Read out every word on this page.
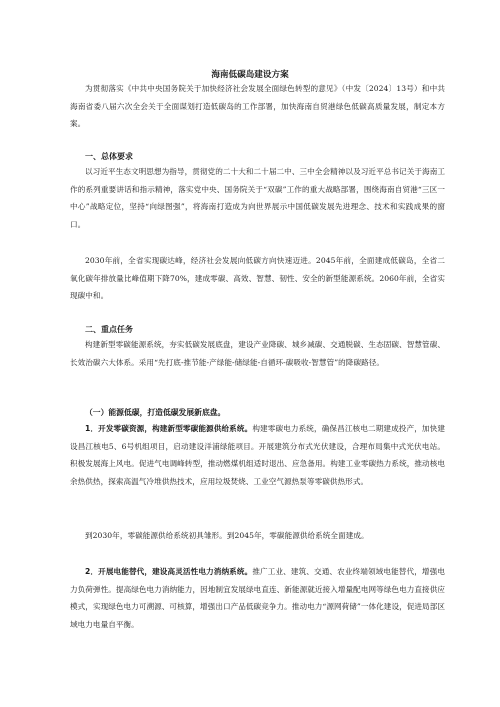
海南低碳岛建设方案

为贯彻落实《中共中央国务院关于加快经济社会发展全面绿色转型的意见》（中发〔2024〕13号）和中共海南省委八届六次全会关于全面谋划打造低碳岛的工作部署，加快海南自贸港绿色低碳高质量发展，制定本方案。

一、总体要求

以习近平生态文明思想为指导，贯彻党的二十大和二十届二中、三中全会精神以及习近平总书记关于海南工作的系列重要讲话和指示精神，落实党中央、国务院关于“双碳”工作的重大战略部署，围绕海南自贸港“三区一中心”战略定位，坚持“向绿图强”，将海南打造成为向世界展示中国低碳发展先进理念、技术和实践成果的窗口。

2030年前，全省实现碳达峰，经济社会发展向低碳方向快速迈进。2045年前，全面建成低碳岛，全省二氧化碳年排放量比峰值期下降70%，建成零碳、高效、智慧、韧性、安全的新型能源系统。2060年前，全省实现碳中和。

二、重点任务

构建新型零碳能源系统，夯实低碳发展底盘，建设产业降碳、城乡减碳、交通脱碳、生态固碳、智慧管碳、长效治碳六大体系。采用“先打底-推节能-产绿能-储绿能-自循环-碳吸收-智慧管”的降碳路径。

（一）能源低碳，打造低碳发展新底盘。

1．开发零碳资源，构建新型零碳能源供给系统。构建零碳电力系统，确保昌江核电二期建成投产，加快建设昌江核电5、6号机组项目，启动建设洋浦绿能项目。开展建筑分布式光伏建设，合理布局集中式光伏电站。积极发展海上风电。促进气电调峰转型，推动燃煤机组适时退出、应急备用。构建工业零碳热力系统，推动核电余热供热，探索高温气冷堆供热技术，应用垃圾焚烧、工业空气源热泵等零碳供热形式。

到2030年，零碳能源供给系统初具雏形。到2045年，零碳能源供给系统全面建成。

2．开展电能替代，建设高灵活性电力消纳系统。推广工业、建筑、交通、农业终端领域电能替代，增强电力负荷弹性。提高绿色电力消纳能力，因地制宜发展绿电直连、新能源就近接入增量配电网等绿色电力直接供应模式，实现绿色电力可溯源、可核算，增强出口产品低碳竞争力。推动电力“源网荷储”一体化建设，促进局部区域电力电量自平衡。
